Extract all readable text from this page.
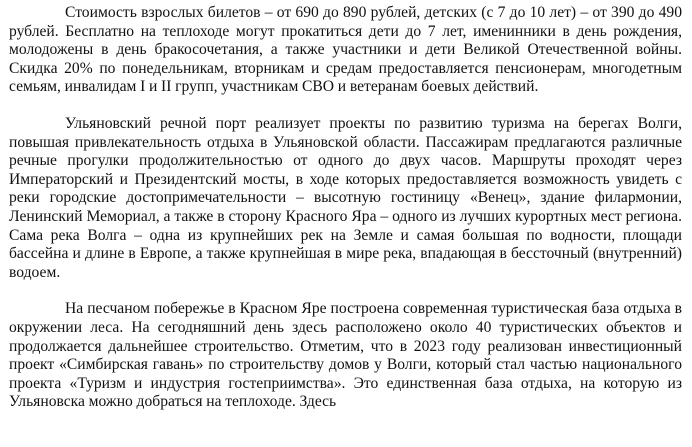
Стоимость взрослых билетов – от 690 до 890 рублей, детских (с 7 до 10 лет) – от 390 до 490 рублей. Бесплатно на теплоходе могут прокатиться дети до 7 лет, именинники в день рождения, молодожены в день бракосочетания, а также участники и дети Великой Отечественной войны. Скидка 20% по понедельникам, вторникам и средам предоставляется пенсионерам, многодетным семьям, инвалидам I и II групп, участникам СВО и ветеранам боевых действий.

Ульяновский речной порт реализует проекты по развитию туризма на берегах Волги, повышая привлекательность отдыха в Ульяновской области. Пассажирам предлагаются различные речные прогулки продолжительностью от одного до двух часов. Маршруты проходят через Императорский и Президентский мосты, в ходе которых предоставляется возможность увидеть с реки городские достопримечательности – высотную гостиницу «Венец», здание филармонии, Ленинский Мемориал, а также в сторону Красного Яра – одного из лучших курортных мест региона. Сама река Волга – одна из крупнейших рек на Земле и самая большая по водности, площади бассейна и длине в Европе, а также крупнейшая в мире река, впадающая в бессточный (внутренний) водоем.

На песчаном побережье в Красном Яре построена современная туристическая база отдыха в окружении леса. На сегодняшний день здесь расположено около 40 туристических объектов и продолжается дальнейшее строительство. Отметим, что в 2023 году реализован инвестиционный проект «Симбирская гавань» по строительству домов у Волги, который стал частью национального проекта «Туризм и индустрия гостеприимства». Это единственная база отдыха, на которую из Ульяновска можно добраться на теплоходе. Здесь
